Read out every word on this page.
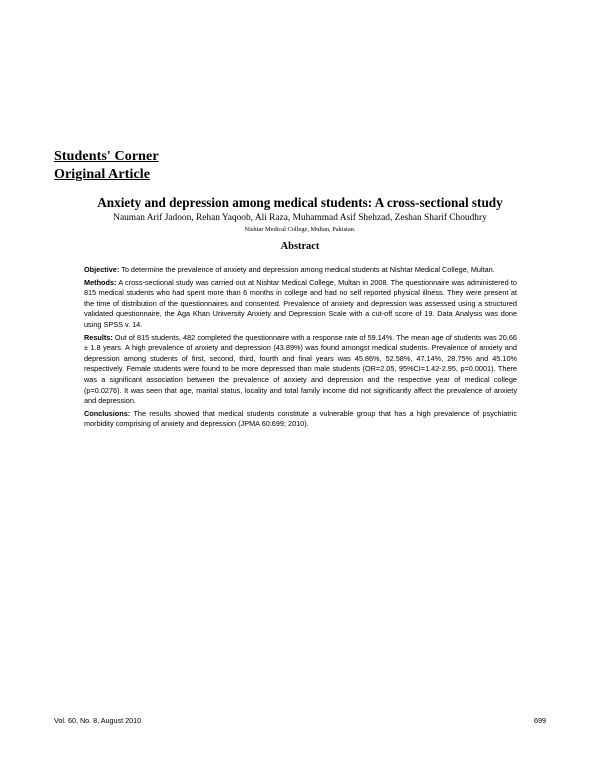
Students' Corner
Original Article
Anxiety and depression among medical students: A cross-sectional study
Nauman Arif Jadoon, Rehan Yaqoob, Ali Raza, Muhammad Asif Shehzad, Zeshan Sharif Choudhry
Nishtar Medical College, Multan, Pakistan.
Abstract

Objective: To determine the prevalence of anxiety and depression among medical students at Nishtar Medical College, Multan.

Methods: A cross-sectional study was carried out at Nishtar Medical College, Multan in 2008. The questionnaire was administered to 815 medical students who had spent more than 6 months in college and had no self reported physical illness. They were present at the time of distribution of the questionnaires and consented. Prevalence of anxiety and depression was assessed using a structured validated questionnaire, the Aga Khan University Anxiety and Depression Scale with a cut-off score of 19. Data Analysis was done using SPSS v. 14.

Results: Out of 815 students, 482 completed the questionnaire with a response rate of 59.14%. The mean age of students was 20.66 ± 1.8 years. A high prevalence of anxiety and depression (43.89%) was found amongst medical students. Prevalence of anxiety and depression among students of first, second, third, fourth and final years was 45.86%, 52.58%, 47.14%, 28.75% and 45.10% respectively. Female students were found to be more depressed than male students (OR=2.05, 95%CI=1.42-2.95, p=0.0001). There was a significant association between the prevalence of anxiety and depression and the respective year of medical college (p=0.0276). It was seen that age, marital status, locality and total family income did not significantly affect the prevalence of anxiety and depression.

Conclusions: The results showed that medical students constitute a vulnerable group that has a high prevalence of psychiatric morbidity comprising of anxiety and depression (JPMA 60:699; 2010).

Vol. 60, No. 8, August 2010	699
